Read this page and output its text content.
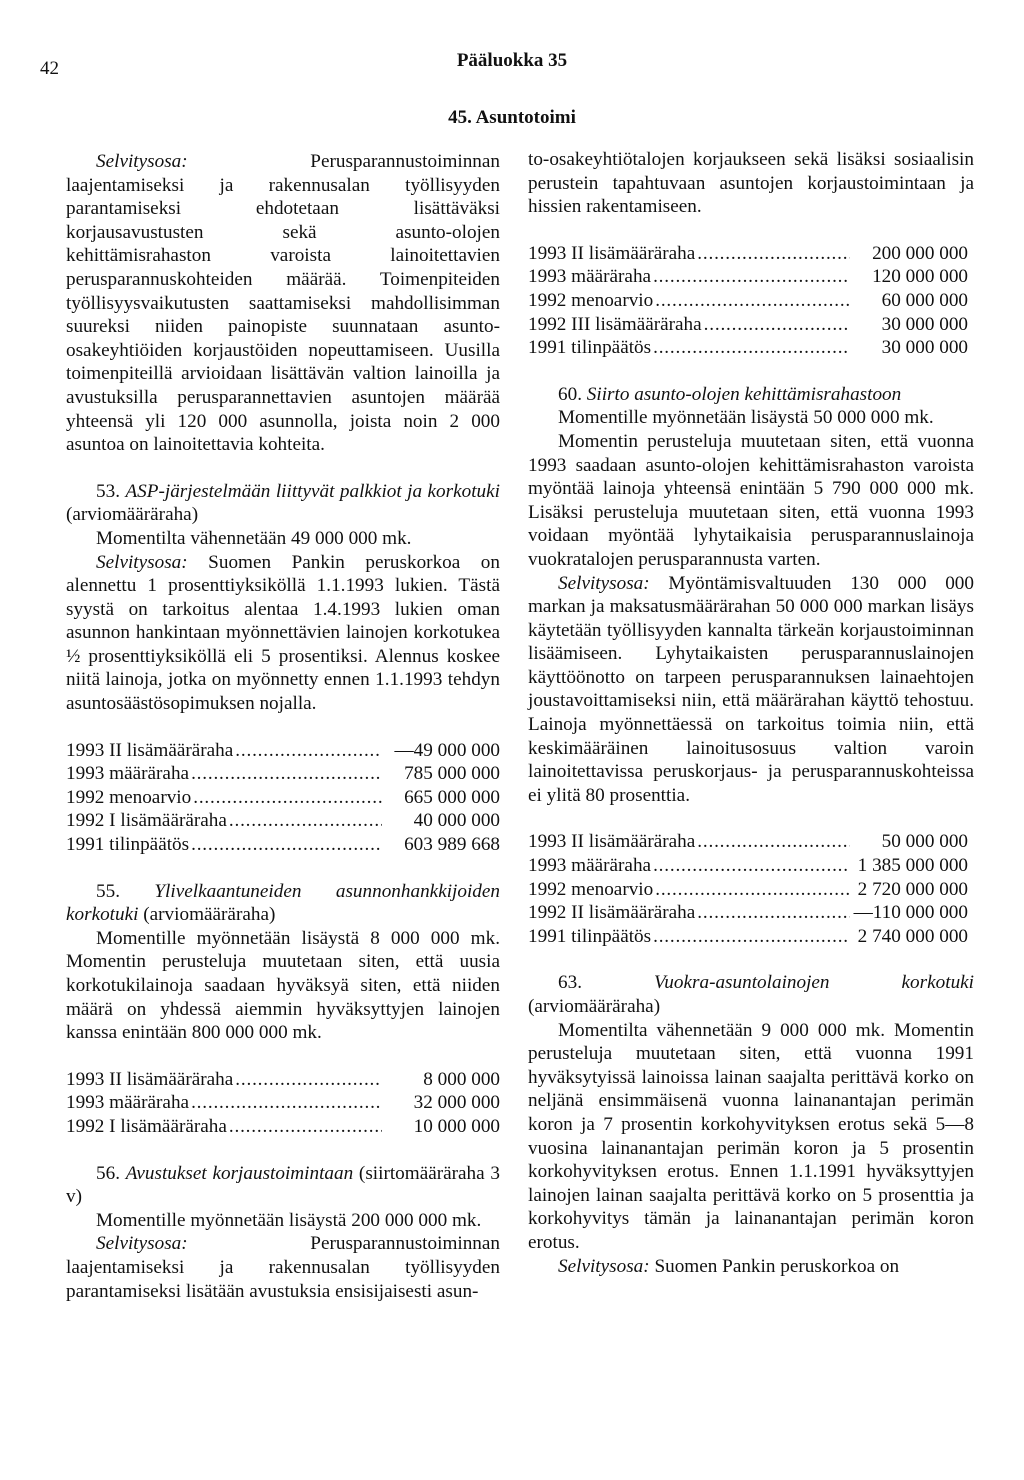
42	Pääluokka 35
45. Asuntotoimi

Selvitysosa: Perusparannustoiminnan laajentamiseksi ja rakennusalan työllisyyden parantamiseksi ehdotetaan lisättäväksi korjausavustusten sekä asunto-olojen kehittämisrahaston varoista lainoitettavien perusparannuskohteiden määrää. Toimenpiteiden työllisyysvaikutusten saattamiseksi mahdollisimman suureksi niiden painopiste suunnataan asunto-osakeyhtiöiden korjaustöiden nopeuttamiseen. Uusilla toimenpiteillä arvioidaan lisättävän valtion lainoilla ja avustuksilla perusparannettavien asuntojen määrää yhteensä yli 120 000 asunnolla, joista noin 2 000 asuntoa on lainoitettavia kohteita.

53. ASP-järjestelmään liittyvät palkkiot ja korkotuki (arviomääräraha)

Momentilta vähennetään 49 000 000 mk.

Selvitysosa: Suomen Pankin peruskorkoa on alennettu 1 prosenttiyksiköllä 1.1.1993 lukien. Tästä syystä on tarkoitus alentaa 1.4.1993 lukien oman asunnon hankintaan myönnettävien lainojen korkotukea ½ prosenttiyksiköllä eli 5 prosentiksi. Alennus koskee niitä lainoja, jotka on myönnetty ennen 1.1.1993 tehdyn asuntosäästösopimuksen nojalla.

1993 II lisämääräraha . . .	—49 000 000
1993 määräraha . . .	785 000 000
1992 menoarvio . . .	665 000 000
1992 I lisämääräraha . . .	40 000 000
1991 tilinpäätös . . .	603 989 668

55. Ylivelkaantuneiden asunnonhankkijoiden korkotuki (arviomääräraha)

Momentille myönnetään lisäystä 8 000 000 mk. Momentin perusteluja muutetaan siten, että uusia korkotukilainoja saadaan hyväksyä siten, että niiden määrä on yhdessä aiemmin hyväksyttyjen lainojen kanssa enintään 800 000 000 mk.

1993 II lisämääräraha . . .	8 000 000
1993 määräraha . . .	32 000 000
1992 I lisämääräraha . . .	10 000 000

56. Avustukset korjaustoimintaan (siirtomääräraha 3 v)

Momentille myönnetään lisäystä 200 000 000 mk.

Selvitysosa: Perusparannustoiminnan laajentamiseksi ja rakennusalan työllisyyden parantamiseksi lisätään avustuksia ensisijaisesti asun-

to-osakeyhtiötalojen korjaukseen sekä lisäksi sosiaalisin perustein tapahtuvaan asuntojen korjaustoimintaan ja hissien rakentamiseen.

1993 II lisämääräraha . . .	200 000 000
1993 määräraha . . .	120 000 000
1992 menoarvio . . .	60 000 000
1992 III lisämääräraha . . .	30 000 000
1991 tilinpäätös . . .	30 000 000

60. Siirto asunto-olojen kehittämisrahastoon

Momentille myönnetään lisäystä 50 000 000 mk.

Momentin perusteluja muutetaan siten, että vuonna 1993 saadaan asunto-olojen kehittämisrahaston varoista myöntää lainoja yhteensä enintään 5 790 000 000 mk. Lisäksi perusteluja muutetaan siten, että vuonna 1993 voidaan myöntää lyhytaikaisia perusparannuslainoja vuokratalojen perusparannusta varten.

Selvitysosa: Myöntämisvaltuuden 130 000 000 markan ja maksatusmäärärahan 50 000 000 markan lisäys käytetään työllisyyden kannalta tärkeän korjaustoiminnan lisäämiseen. Lyhytaikaisten perusparannuslainojen käyttöönotto on tarpeen perusparannuksen lainaehtojen joustavoittamiseksi niin, että määrärahan käyttö tehostuu. Lainoja myönnettäessä on tarkoitus toimia niin, että keskimääräinen lainoitusosuus valtion varoin lainoitettavissa peruskorjaus- ja perusparannuskohteissa ei ylitä 80 prosenttia.

1993 II lisämääräraha . . .	50 000 000
1993 määräraha . . .	1 385 000 000
1992 menoarvio . . .	2 720 000 000
1992 II lisämääräraha . . .	—110 000 000
1991 tilinpäätös . . .	2 740 000 000

63.	Vuokra-asuntolainojen korkotuki (arviomääräraha)

Momentilta vähennetään 9 000 000 mk. Momentin perusteluja muutetaan siten, että vuonna 1991 hyväksytyissä lainoissa lainan saajalta perittävä korko on neljänä ensimmäisenä vuonna lainanantajan perimän koron ja 7 prosentin korkohyvityksen erotus sekä 5—8 vuosina lainanantajan perimän koron ja 5 prosentin korkohyvityksen erotus. Ennen 1.1.1991 hyväksyttyjen lainojen lainan saajalta perittävä korko on 5 prosenttia ja korkohyvitys tämän ja lainanantajan perimän koron erotus.

Selvitysosa: Suomen Pankin peruskorkoa on
